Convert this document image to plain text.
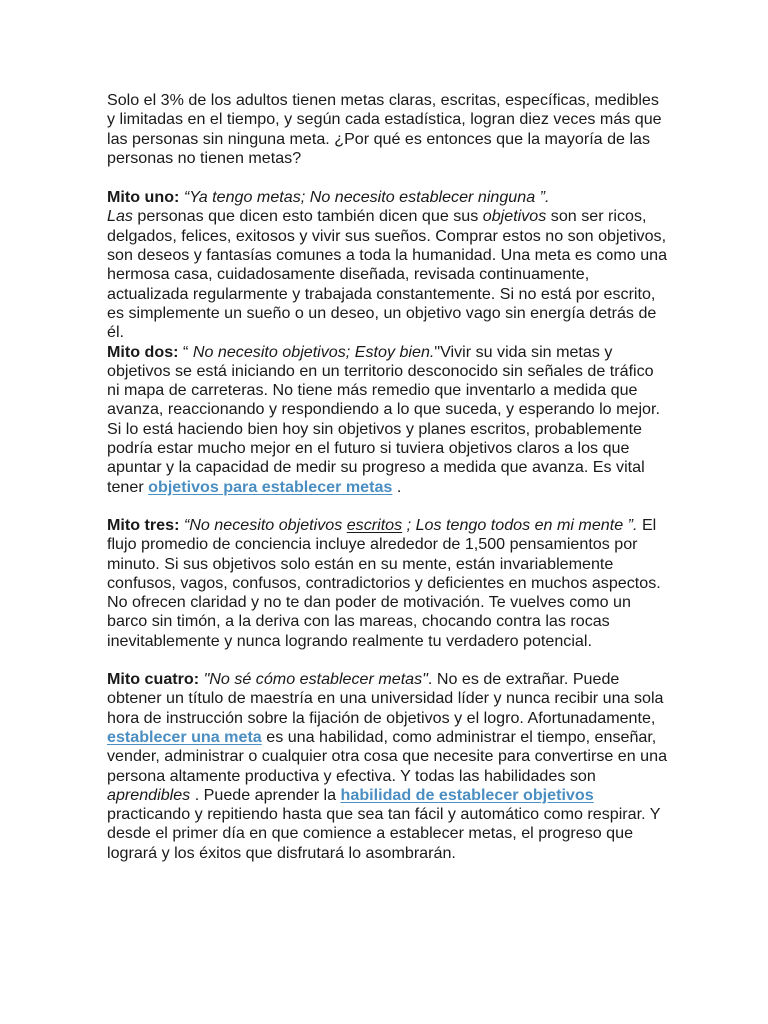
Solo el 3% de los adultos tienen metas claras, escritas, específicas, medibles y limitadas en el tiempo, y según cada estadística, logran diez veces más que las personas sin ninguna meta. ¿Por qué es entonces que la mayoría de las personas no tienen metas?

Mito uno: “Ya tengo metas; No necesito establecer ninguna ”.
Las personas que dicen esto también dicen que sus objetivos son ser ricos, delgados, felices, exitosos y vivir sus sueños. Comprar estos no son objetivos, son deseos y fantasías comunes a toda la humanidad. Una meta es como una hermosa casa, cuidadosamente diseñada, revisada continuamente, actualizada regularmente y trabajada constantemente. Si no está por escrito, es simplemente un sueño o un deseo, un objetivo vago sin energía detrás de él.

Mito dos: “ No necesito objetivos; Estoy bien."Vivir su vida sin metas y objetivos se está iniciando en un territorio desconocido sin señales de tráfico ni mapa de carreteras. No tiene más remedio que inventarlo a medida que avanza, reaccionando y respondiendo a lo que suceda, y esperando lo mejor. Si lo está haciendo bien hoy sin objetivos y planes escritos, probablemente podría estar mucho mejor en el futuro si tuviera objetivos claros a los que apuntar y la capacidad de medir su progreso a medida que avanza. Es vital tener objetivos para establecer metas .

Mito tres: “No necesito objetivos escritos ; Los tengo todos en mi mente ”. El flujo promedio de conciencia incluye alrededor de 1,500 pensamientos por minuto. Si sus objetivos solo están en su mente, están invariablemente confusos, vagos, confusos, contradictorios y deficientes en muchos aspectos. No ofrecen claridad y no te dan poder de motivación. Te vuelves como un barco sin timón, a la deriva con las mareas, chocando contra las rocas inevitablemente y nunca logrando realmente tu verdadero potencial.

Mito cuatro: "No sé cómo establecer metas". No es de extrañar. Puede obtener un título de maestría en una universidad líder y nunca recibir una sola hora de instrucción sobre la fijación de objetivos y el logro. Afortunadamente, establecer una meta es una habilidad, como administrar el tiempo, enseñar, vender, administrar o cualquier otra cosa que necesite para convertirse en una persona altamente productiva y efectiva. Y todas las habilidades son aprendibles . Puede aprender la habilidad de establecer objetivos practicando y repitiendo hasta que sea tan fácil y automático como respirar. Y desde el primer día en que comience a establecer metas, el progreso que logrará y los éxitos que disfrutará lo asombrarán.
